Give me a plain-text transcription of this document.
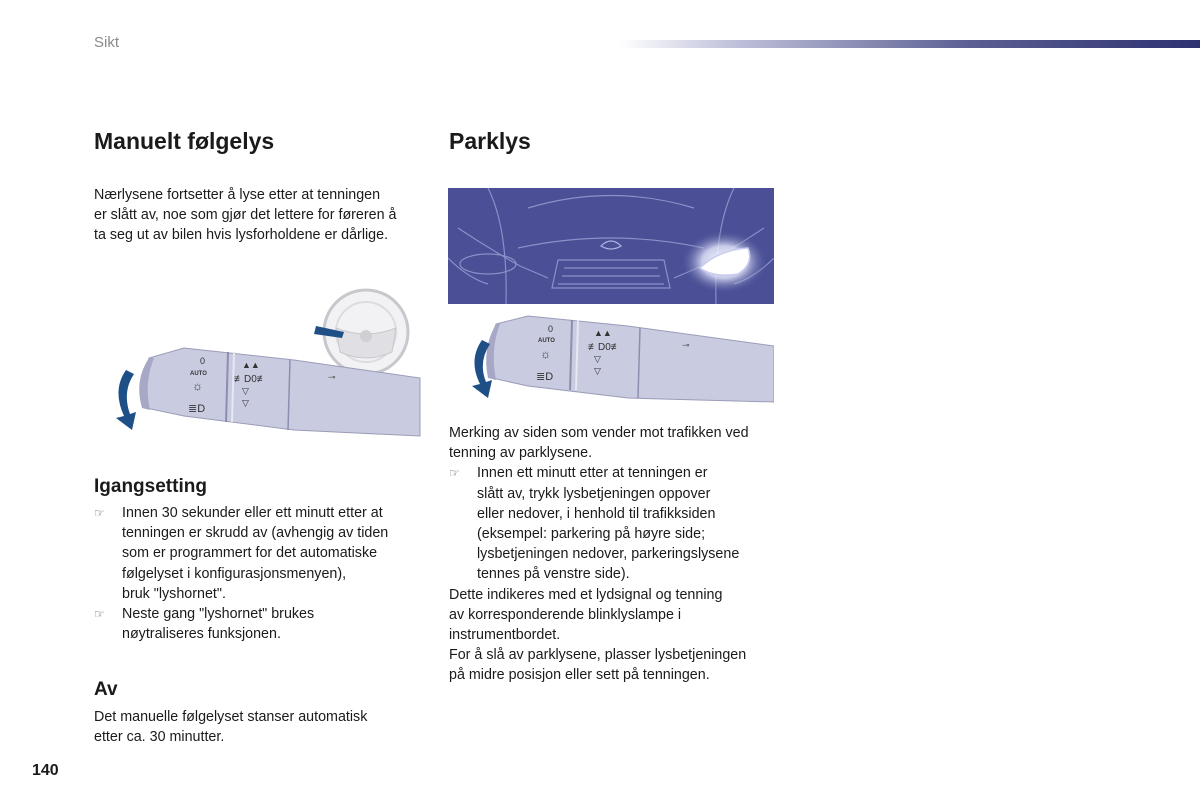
Sikt
Manuelt følgelys

Nærlysene fortsetter å lyse etter at tenningen

er slått av, noe som gjør det lettere for føreren å

ta seg ut av bilen hvis lysforholdene er dårlige.

0
AUTO
☼
≣D
▲▲
≢D0≢
▽
▽
⊸
Igangsetting
☞ Innen 30 sekunder eller ett minutt etter at
tenningen er skrudd av (avhengig av tiden
som er programmert for det automatiske
følgelyset i konfigurasjonsmenyen),
bruk "lyshornet".
☞ Neste gang "lyshornet" brukes
nøytraliseres funksjonen.
Av

Det manuelle følgelyset stanser automatisk

etter ca. 30 minutter.

Parklys
0
AUTO
☼
≣D
▲▲
≢D0≢
▽
▽
⊸

Merking av siden som vender mot trafikken ved

tenning av parklysene.

☞ Innen ett minutt etter at tenningen er
slått av, trykk lysbetjeningen oppover
eller nedover, i henhold til trafikksiden
(eksempel: parkering på høyre side;
lysbetjeningen nedover, parkeringslysene
tennes på venstre side).

Dette indikeres med et lydsignal og tenning

av korresponderende blinklyslampe i

instrumentbordet.

For å slå av parklysene, plasser lysbetjeningen

på midre posisjon eller sett på tenningen.

140
